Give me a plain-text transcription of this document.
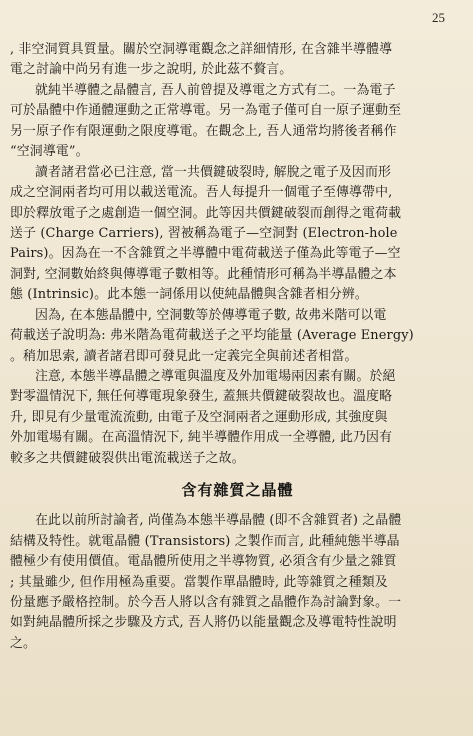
25
, 非空洞質具質量。關於空洞導電觀念之詳細情形, 在含雜半導體導
電之討論中尚另有進一步之說明, 於此茲不贅言。
就純半導體之晶體言, 吾人前曾提及導電之方式有二。一為電子
可於晶體中作通體運動之正常導電。另一為電子僅可自一原子運動至
另一原子作有限運動之限度導電。在觀念上, 吾人通常均將後者稱作
“空洞導電”。
讀者諸君當必已注意, 當一共價鍵破裂時, 解脫之電子及因而形
成之空洞兩者均可用以載送電流。吾人每提升一個電子至傳導帶中,
即於釋放電子之處創造一個空洞。此等因共價鍵破裂而創得之電荷載
送子 (Charge Carriers), 習被稱為電子—空洞對 (Electron-hole
Pairs)。因為在一不含雜質之半導體中電荷載送子僅為此等電子—空
洞對, 空洞數始終與傳導電子數相等。此種情形可稱為半導晶體之本
態 (Intrinsic)。此本態一詞係用以使純晶體與含雜者相分辨。
因為, 在本態晶體中, 空洞數等於傳導電子數, 故弗米階可以電
荷載送子說明為: 弗米階為電荷載送子之平均能量 (Average Energy)
。稍加思索, 讀者諸君即可發見此一定義完全與前述者相當。
注意, 本態半導晶體之導電與溫度及外加電場兩因素有關。於絕
對零溫情況下, 無任何導電現象發生, 蓋無共價鍵破裂故也。溫度略
升, 即見有少量電流流動, 由電子及空洞兩者之運動形成, 其強度與
外加電場有關。在高溫情況下, 純半導體作用成一全導體, 此乃因有
較多之共價鍵破裂供出電流載送子之故。
含有雜質之晶體
在此以前所討論者, 尚僅為本態半導晶體 (即不含雜質者) 之晶體
結構及特性。就電晶體 (Transistors) 之製作而言, 此種純態半導晶
體極少有使用價值。電晶體所使用之半導物質, 必須含有少量之雜質
; 其量雖少, 但作用極為重要。當製作單晶體時, 此等雜質之種類及
份量應予嚴格控制。於今吾人將以含有雜質之晶體作為討論對象。一
如對純晶體所採之步驟及方式, 吾人將仍以能量觀念及導電特性說明
之。
